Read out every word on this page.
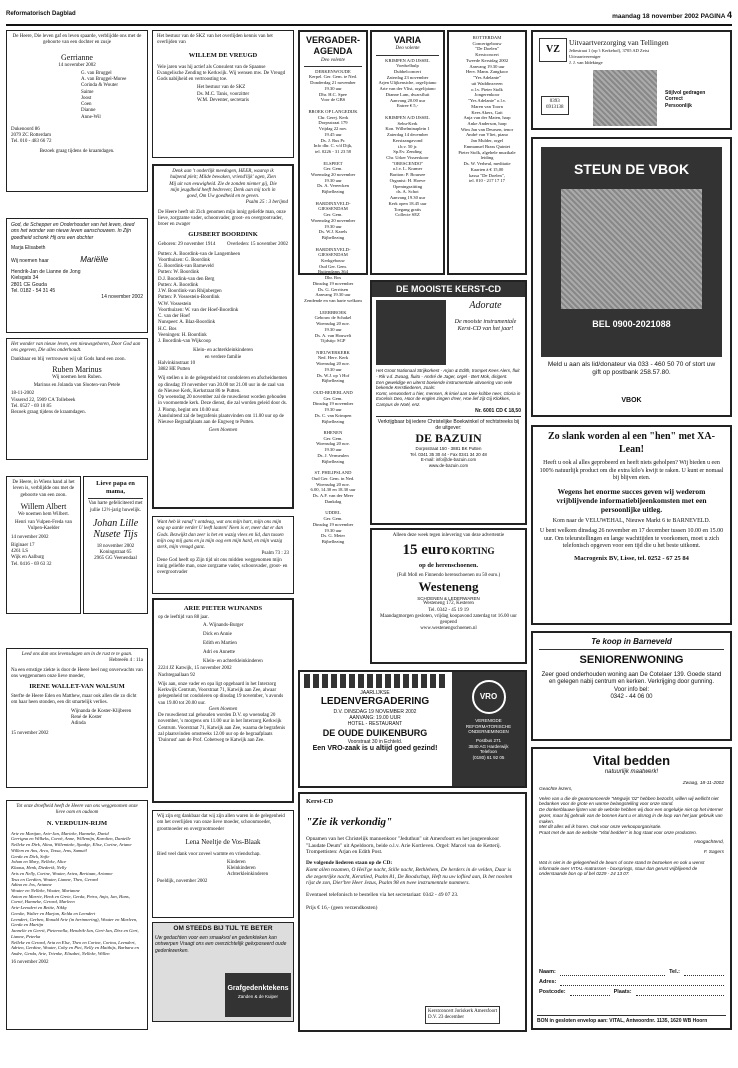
Reformatorisch Dagblad	maandag 18 november 2002 PAGINA 4
De Heere, Die leven gaf en leven spaarde, verblijdde ons met de geboorte van een dochter en zusje
Gerrianne
14 november 2002
G. van Bruggel
A. van Bruggel-Moree
Corinda & Wouter
Saime
Joost
Coen
Dianne
Anne-Wil
Dukenoord 86
2079 ZC Rotterdam
Tel. 010 - 483 66 72
Bezoek graag tijdens de kraamdagen.
God, de Schepper en Onderhouder van het leven, deed ons het wonder van nieuw leven aanschouwen. In Zijn goedheid schonk Hij ons een dochter
Marja Elisabeth
Wij noemen haar	Mariëlle
Hendrik-Jan de Lianne de Jong
Kielsgats 34
2801 CE Gouda
Tel. 0182 - 54 31 45
14 november 2002
Het wonder van nieuw leven, een nieuwsgeboren, Door God aan ons gegeven, Die alles onderhoudt.
Dankbaar en blij vertrouwen wij uit Gods hand een zoon.
Ruben Marinus
Wij noemen hem Ruben.
Marinus en Jolanda van Slooten-van Petele
18-11-2002
Vissersd 22, 5909 CA Tollebeek
Tel. 0527 - 69 10 85
Bezoek graag tijdens de kraamdagen.
De Heere, in Wiens hand al het leven is, verblijdde ons met de geboorte van een zoon.
Willem Albert
We noemen hem Wilbert.
Henri van Vulpen-Freda van Vulpen-Kaelder
14 november 2002
Biginaer 17
4261 LS
Wijk en Aalburg
Tel. 0416 - 69 63 32
Lieve papa en mama,
Van harte gefeliciteerd met jullie 12½-jarig huwelijk.
Johan Lille Nusete Tijs
18 november 2002
Koningstraat 65
2965 GG Veenendaal
Leed ons dan ons levensdagen om in de rust te te gaan.
Hebreeën 4 : 11a
Na een ernstige ziekte is door de Heere heel nog onverwachts van ons weggenomen onze lieve moeder,
IRENE WALLET-VAN WALSUM
Sterfte de Heere Eden en Matthew, maar ook allen die zo dicht om haar heen stonden, een dit smartelijk verlies.
Wijnanda de Koster-Klijberen
René de Koster
Adinda
15 november 2002
Tot onze droefheid heeft de Heere van ons weggenomen onze lieve oom en oudoom
N. VERDUIJN-RIJM
Arie en Martjan, Arie-Jan, Marieke, Hanneke, David
Gerrigna en Wilkeks, Cornè, Anne, Willemijn, Karolien, Danielle
Nelleke en Dirk, Alina, Willemieke, Sjaakje, Elise, Corine, Ariane
Willem en Ans, Arco, Tessa, Jens, Samuël
Gerda en Dick, Sofie
Johan en Mary, Nelleke, Alice
Klaasa, Henk, Diederik, Nelly
Aris en Nelly, Corine, Wouter, Ariea, Bertiaan, Arianne
Teus en Gerdien, Wouter, Lianne, Theo, Gerard
Adina en Jos, Arianne
Wouter en Nelleke, Wouter, Marianne
Anton en Marrie, Henk en Grete, Gerda, Petra, Anja, Jan, Hans, Corné, Hanneke, Gerard, Marleen
Arie-Leendert en Bettie, Nikky
Geeske, Walter en Marjan, Kelda en Leendert
Leendert, Gerben, Ronald Arie (in herinnering), Wouter en Marleen, Gerda en Martijn
Jannelie en Gerrit, Pieternella, Hendrik-Jan, Gert-Jan, Dirx en Gert, Lianne, Peterka
Nelleke en Gerard, Aria en Else, Theo en Corine, Corina, Leendert, Adrien, Gerdine, Wouter, Coby en Piet, Nelly en Matthijs, Barbara en Andre, Gerda, Arie, Trienke, Elisabet, Nelleke, Willen
16 november 2002
Het bestuur van de SKZ van het overlijden kennis van het overlijden van
WILLEM DE VREUGD
Vele jaren was hij actief als Consulent van de Spaanse Evangelische Zending te Kerkwijk. Wij wensen mw. De Vreugd Gods nabijheid en vertroosting toe.
Het bestuur van de SKZ
Ds. M.C. Tanis, voorzitter
W.M. Deventer, secretaris
Denk aan 't onderlijk meedogen, HEER, waarop ik hulpend pleit; Milde bewaken, vriend'lijk' ogen, Zien Mij uit van eeuwigheid. Zie de zonden niemer gij, Die mijn jeugdheid heeft bedreven; Denk aan mij toch in goed, Om Uw goedheid en te geven.
Psalm 25 : 3 berijmd
De Heere heeft uit Zich genomen mijn innig geliefde man, onze lieve, zorgzame vader, schoonvader, groot- en overgrootvader, broer en zwager
GIJSBERT BOORDINK
Geboren: 29 november 1914 Overleden: 15 november 2002
Putten: A. Boordink-van de Langemheen
Voorthuizen: G. Boordink
G. Boordink-van Barneveld
Putten: W. Boordink
D.J. Boordink-van den Berg
Putten: A. Boordink
J.W. Boordink-van Rhijnbergen
Putten: P. Vossestein-Boordink
W.W. Vossestein
Voorthuizen: W. van der Hoef-Boordink
C. van der Hoef
Nunspeet: A. Blaz-Boordink
H.C. Bos
Veeningen: H. Boordink
J. Boordink-van Wijkcoop
Klein- en achterkleinkinderen
en verdere familie
Halvinkinstraat 10
3882 HE Putten
Wij stellen u in de gelegenheid tot condoleren en afscheidnemen op dinsdag 19 november van 20.00 tot 21.00 uur in de zaal van de Nieuwe Kerk, Kerkstraat 86 te Putten.
Op woensdag 20 november zal de rouwdienst worden gehouden in voornoemde kerk. Deze dienst, die zal worden geleid door ds. J. Plomp, begint om 10.00 uur.
Aansluitend zal de begrafenis plaatsvinden om 11.00 uur op de Nieuwe Begraafplaats aan de Engweg te Putten.
Geen bloemen
Want heb ik vanaf 't ontdeag, wat ons mijn hart, mijn ons mijn oog op aarde verder U leeft laaten! Neen is er, meer dat er dan Gods. Bezwijkt dan zeer is het en wazig vlees en lid, dan tussen mijn oog mij gans en ja mijn oog een mijn hard, en mijn wazig sterk, mijn vreugd ganz.
Psalm 73 : 23
Dene God heeft op Zijn tijd uit ons midden weggenomen mijn innig geliefde man, onze zorgzame vader, schoonvader, groot- en overgrootvader
ARIE PIETER WIJNANDS
op de leeftijd van 88 jaar.
A. Wijnands-Burger
Dick en Annie
Edith en Martien
Adri en Annette
Klein- en achterkleinkinderen
2224 JZ Katwijk, 15 november 2002
Nachtegaallaan 92
Wijs aan, onze vader en opa ligt opgebaard in het Interzorg Kerkwijk Centrum, Voorstraat 71, Katwijk aan Zee, alwaar gelegenheid tot condoleren op dinsdag 19 november, 's avonds van 19.00 tot 20.00 uur.
Geen bloemen
De rouwdienst zal gehouden worden D.V. op woensdag 20 november, 's morgens om 11.00 uur in het Interzorg Kerkwijk Centrum. Voorstraat 71, Katwijk aan Zee, waarna de begrafenis zal plaatsvinden omstreeks 12.00 uur op de begraafplaats 'Duinrust' aan de Prof. Cobetweg te Katwijk aan Zee.
Wij zijn erg dankbaar dat wij zijn allen waren in de gelegenheid om het overlijden van onze lieve moeder, schoonmoeder, grootmoeder en overgrootmoeder
Lena Neeltje de Vos-Blaak
Bied veel dank voor zoveel warmte en vriendschap.
Kinderen
Kleinkinderen
Achterkleinkinderen
Poeldijk, november 2002
OM STEEDS BIJ TIJL TE BETER
Uw gedachten voor een smaakvol en gedenkteken kan ontwerpen Vraagt ons een overzichtelijk geëxposeerd oude gedenkwerken.
Grafgedenktekens
Zanden & de Kuiper
VERGADER-AGENDA
Deo volente
DERKENWOUDE
Kerpel. Ger. Gem. te Ned.
Donderdag 21 november
19.30 uur
Dhr. H.C. Spee
Voor de GBS

BROEK OP LANGEDIJK
Chr. Gerej. Kerk
Dorpsstraat 179
Vrijdag 22 nov.
19.45 uur
Ds. J. Rus Pr.
Info dhr. C. v/d Dijk,
tel. 0226 - 31 23 58

ELSPEET
Ger. Gem.
Woensdag 20 november
19.30 uur
Ds. A. Vereecken
Bijbellezing

HARDINXVELD-GIESSENDAM
Ger. Gem.
Woensdag 20 november
19.30 uur
Ds. W.J. Karels
Bijbellezing

HARDINXVELD-GIESSENDAM
Kerkgebouw
Oud Ger. Gem.
Buitendams 364
Dhr. Bos
Dinsdag 19 november
Ds. G. Gerritsen
Aanvang 19.30 uur
Zendende en van harte welkom

LEERBROEK
Gebouw de Schakel
Woensdag 20 nov.
19.30 uur
Ds. A. van Houwelt
Tijdstip: SGP

NIEUWERKERK
Ned. Herv. Kerk
Woensdag 20 nov.
19.30 uur
Ds. W.J. op 't Hof
Bijbellezing

OUD-BEIJERLAND
Ger. Gem.
Dinsdag 19 november
19.30 uur
Ds. C. van Krimpen
Bijbellezing

RHENEN
Ger. Gem.
Woensdag 20 nov.
19.30 uur
Ds. J. Vermeulen
Bijbellezing

ST. PHILIPSLAND
Oud Ger. Gem. in Ned.
Woensdag 20 nov.
6.00, 14.30 en 18.30 uur
Ds. A.F. van der Meer
Dankdag

UDDEL
Ger. Gem.
Dinsdag 19 november
19.30 uur
Ds. G. Meier
Bijbellezing
VARIA
Deo volente
KRIMPEN A/D IJSSEL
Voedselhulp
Dubbelconcert
Zaterdag 23 november
Arjen Ulijkensiche, orgel/piano
Arie van der Vlist, orgel/piano
Dianne Lam, dwarsfluit
Aanvang 20.00 uur
Entree € 5,-

KRIMPEN A/D IJSSEL
Sebu-Kerk
Kon. Wilhelminaplein 1
Zaterdag 14 december
Kerstzangavond
t.b.v. 50 jr.
Sp.Ev. Zending
Chr. Urker Visserskoor
"ORESCENDO"
o.l.v. L. Kramer
Bariton: P. Boursee
Organist: H. Hoeve
Openingszitting
ds. A. Schot
Aanvang 19.30 uur
Kerk open 18.45 uur
Toegang gratis
Collecte SEZ
ROTTERDAM
Concertgebouw
"De Doelen"
Kerstconcert
Tweede Kerstdag 2002
Aanvang 19.30 uur
Herv. Mann. Zangkoor
"Yes Adelante"
uit Waddinxveen
o.l.v. Pieter Stolk
Jongerenkoor
"Yes Adelante" o.l.v.
Maren van Toorn
Kees Akers, Gait
Anja van der Maten, harp
Anke Anderson, harp
Wim Jan van Deursen, tenor
André van Vliet, piano
Jan Mulder, orgel
Emmanuel Brass Quintet
Pieter Stolk, algehele muzikale leiding
Ds. W. Verheul, meditatie
Kaarten à € 15,00
kassa "De Doelen",
tel. 010 - 217 17 17
DE MOOISTE KERST-CD
Adorate
De mooiste instrumentale Kerst-CD van het jaar!
Het Groot Nationaal Strijkorkest - Arjan & Edith, trompet Kees Alers, fluit - Rik v.d. Zwaag, fluito - André de Jager, orgel - Bert Mok, dirigent.
Een geweldige en uiterst boeiende instrumentale uitvoering van vele bekende Kerstliederen, zoals:
Komt, verwondert u hier, mensen, Ik kniel aan Uwe kribbe neer, Gloria in Excelsis Deo, Hoor de englen zingen d'eer, Hoe lief zijt Gij Klokkes, Campus de Noël, enz.
Nr. 6001 CD € 18,50
Verkrijgbaar bij iedere Christelijke Boekwinkel of rechtstreeks bij de uitgever:
DE BAZUIN
Dorpsstraat 150 - 3881 BK Putten
Tel. 0341 35 30 44 - Fax 0341 34 20 48
E-mail: info@de-bazuin.com
www.de-bazuin.com
Alleen deze week tegen inlevering van deze advertentie
15 euro KORTING
op de herenschoenen.
(Full Moll en Finnendo herenschoenen nu 50 euro.)
Westeneng
SCHOENEN & LEDERWAREN
Westeneng 172, Kesteren
Tel. 0342 - 45 19 19
Maandagmorgen gesloten, vrijdag koopavond zaterdag tot 16.00 uur geopend
www.westenengschoenen.nl
JAARLIJKSE
LEDENVERGADERING
D.V. DINSDAG 19 NOVEMBER 2002
AANVANG: 19.00 UUR
HOTEL - RESTAURANT
DE OUDE DUIKENBURG
Voorstraat 30 in Echteld.
Een VRO-zaak is u altijd goed gezind!
VRO
VERENIGDE REFORMATORISCHE ONDERNEMINGEN
Postbus 271
3840 AG Harderwijk
Telefoon
(0180) 61 92 05
Kerst-CD
"Zie ik verkondig"
Opnamen van het Christelijk mannenkoor "Jeduthun" uit Amersfoort en het jongerenkoor "Laudate Deum" uit Apeldoorn, beide o.l.v. Arie Kortleven. Orgel: Marcel van de Ketterij. Trompettisten: Arjan en Edith Post.
De volgende liederen staan op de CD:
Komt allen tezamen, O Heil'ge nacht, Stille nacht, Bethlehem, De herders in de velden, Daar is die zegenrijke nacht, Kerstlied, Psalm 81, De Boodschap, Heft nu uw loflied aan, Ik bet nooiten rijst de zon, Dier'bre Heer Jezus, Psalm 98 en twee instrumentale nummers.
Eventueel telefonisch te bestellen via het secretariaat: 0342 - 49 07 23.
Prijs € 16,- (geen verzendkosten)
Kerstconcert Joriskerk Amersfoort
D.V. 23 december
VZ
Uitvaartverzorging van Tellingen
Jeltestraat 1 (op 't Kerkehof), 3705 AD Zeist
Uitvaartvereniger
J. J. van Iddekinge
0393
6913138
Stijlvol gedragen
Correct
Persoonlijk
STEUN DE VBOK
BEL 0900-2021088
Meld u aan als lid/donateur via 033 - 460 50 70 of stort uw gift op postbank 258.57.80.
VBOK
Zo slank worden al een "hen" met XA-Lean!
Heeft u ook al alles geprobeerd en heeft niets geholpen? Wij bieden u een 100% natuurlijk product om die extra kilo's kwijt te raken. U kunt er nomaal bij blijven eten.
Wegens het enorme succes geven wij wederom vrijblijvende informatiebijeenkomsten met een persoonlijke uitleg.
Kom naar de VELUWEHAL, Nieuwe Markt 6 te BARNEVELD.
U bent welkom dinsdag 26 november en 17 december tussen 10.00 en 15.00 uur. Om teleurstellingen en lange wachttijden te voorkomen, moet u zich telefonisch opgeven voor een tijd die u het beste uitkomt.
Macrogenix BV, Lisse, tel. 0252 - 67 25 84
Te koop in Barneveld
SENIORENWONING
Zeer goed onderhouden woning aan De Cotelaer 139. Goede stand en gelegen nabij centrum en kerken. Verkrijging door gunning.
Voor info bel:
0342 - 44 06 00
Vital bedden
natuurlijk maatwerk!
Zwaag, 18-11-2002
Geachte lezers,
Velen van u die de geannonceerde "Wegwijs '02" hebben bezocht, willen wij wellicht niet bedanken voor de grote en warme belangstelling voor onze stand.
De donkerblauwe lijsten van de website hebben wij door een ongelukje niet op het internet gezet, maar bij gebruik van de bonnen kunt u er alsnog in de loop van het jaar gebruik van maken.
Met dit alles wil ik horen. Ook voor onze verkooporganisatie.
Praat met de aan de website "Vital bedden" in bog staat voor onze producten.
Hoogachtend,
F. Sagers
Wat is niet in de gelegenheid de beurs of onze stand te bezoeken en ook u wenst informatie over VITAL-matrassen - boxsprings, stuur dan gerust vrijblijvend de onderstaande bon op of bel 0229 - 24 13 07.
Naam:	Tel.:
Adres:
Postcode:	Plaats:
BON in gesloten envelop aan: VITAL, Antwoordnr. 1135, 1620 WB Hoorn
